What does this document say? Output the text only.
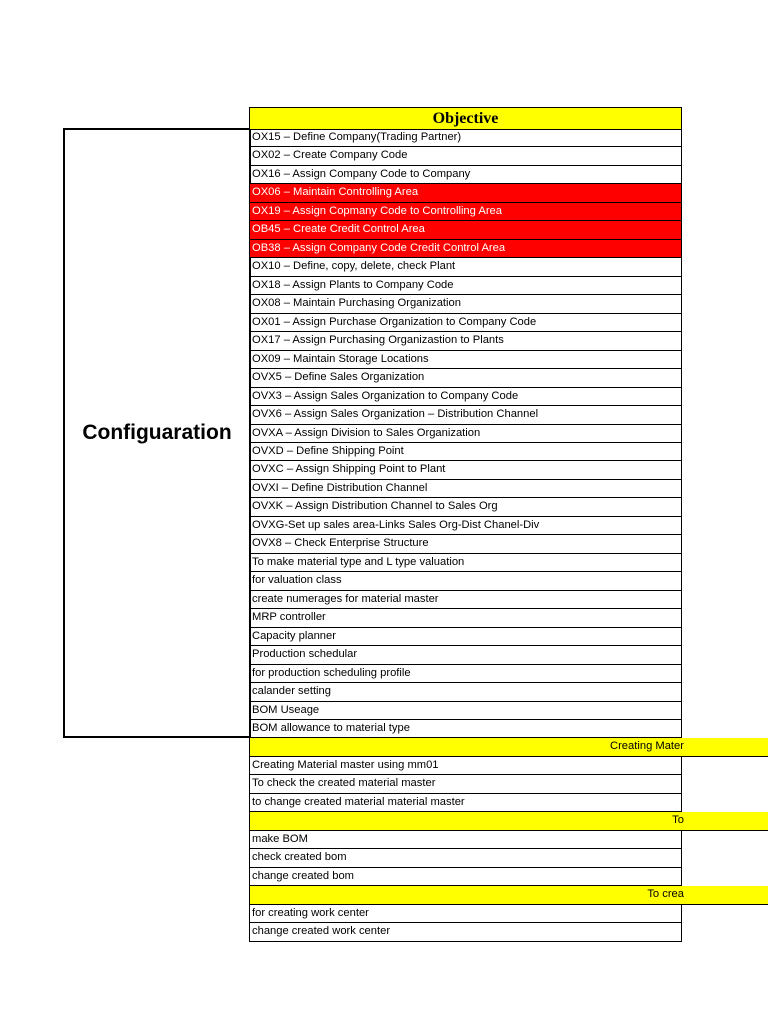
Configuaration
Objective
OX15 – Define Company(Trading Partner)
OX02 – Create Company Code
OX16 – Assign Company Code to Company
OX06 – Maintain Controlling Area
OX19 – Assign Copmany Code to Controlling Area
OB45 – Create Credit Control Area
OB38 – Assign Company Code Credit Control Area
OX10 – Define, copy, delete, check Plant
OX18 – Assign Plants to Company Code
OX08 – Maintain Purchasing Organization
OX01 – Assign Purchase Organization to Company Code
OX17 – Assign Purchasing Organizastion to Plants
OX09 – Maintain Storage Locations
OVX5 – Define Sales Organization
OVX3 – Assign Sales Organization to Company Code
OVX6 – Assign Sales Organization – Distribution Channel
OVXA – Assign Division to Sales Organization
OVXD – Define Shipping Point
OVXC – Assign Shipping Point to Plant
OVXI – Define Distribution Channel
OVXK – Assign Distribution Channel to Sales Org
OVXG-Set up sales area-Links Sales Org-Dist Chanel-Div
OVX8 – Check Enterprise Structure
To make material type and L type valuation
for valuation class
create numerages for material master
MRP controller
Capacity planner
Production schedular
for production scheduling profile
calander setting
BOM Useage
BOM allowance to material type
Creating Mater
Creating Material master using mm01
To check the created material master
to change created material material master
To
make BOM
check created bom
change created bom
To crea
for creating work center
change created work center
